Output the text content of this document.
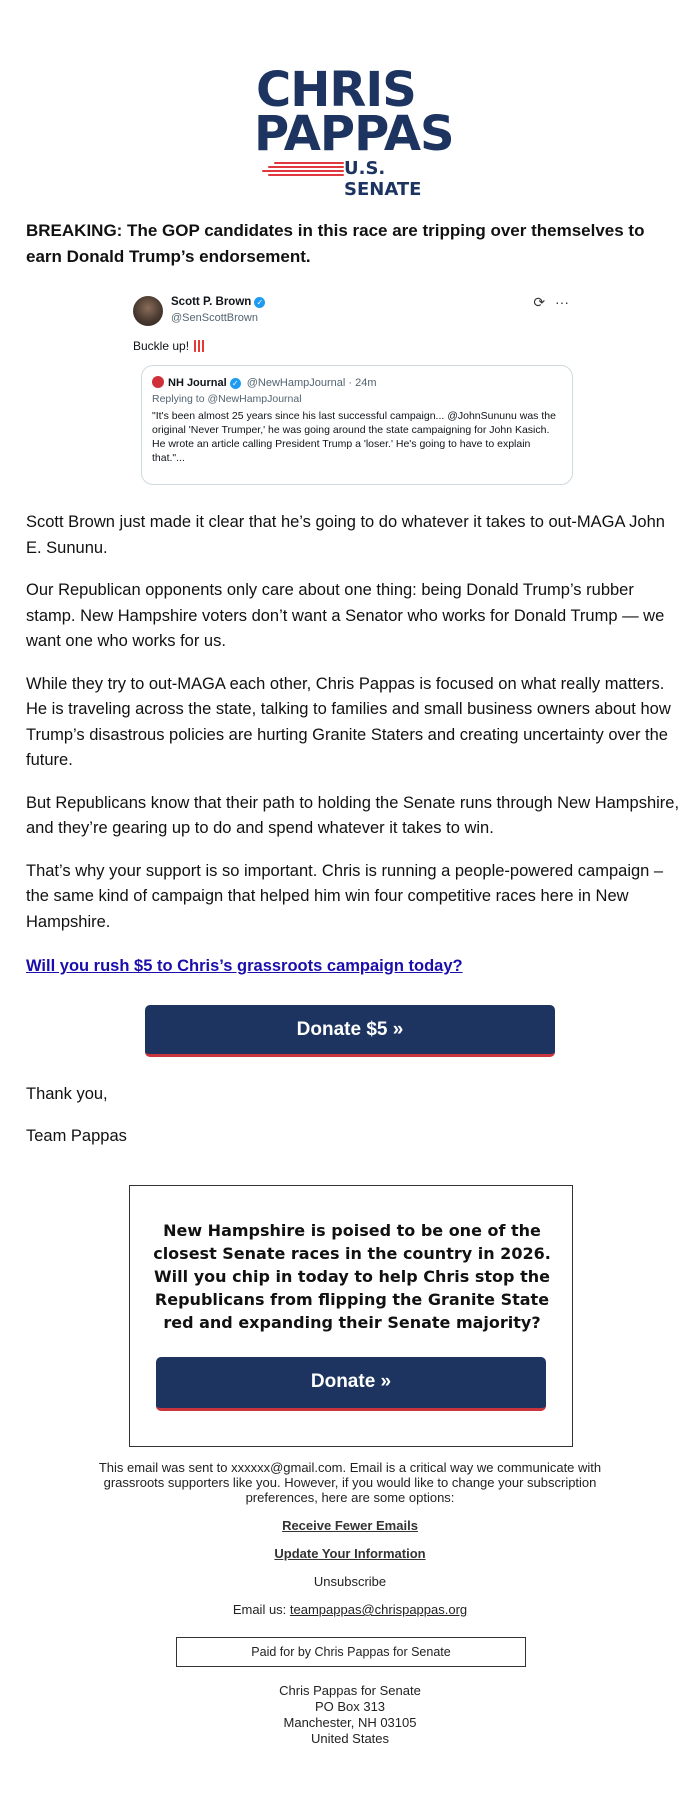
CHRIS
PAPPAS
U.S. SENATE
BREAKING: The GOP candidates in this race are tripping over themselves to earn Donald Trump’s endorsement.
Scott P. Brown ✓
@SenScottBrown
⟳ ···
Buckle up!
NH Journal ✓ @NewHampJournal · 24m
Replying to @NewHampJournal
"It's been almost 25 years since his last successful campaign... @JohnSununu was the original 'Never Trumper,' he was going around the state campaigning for John Kasich. He wrote an article calling President Trump a 'loser.' He's going to have to explain that."...

Scott Brown just made it clear that he’s going to do whatever it takes to out-MAGA John E. Sununu.

Our Republican opponents only care about one thing: being Donald Trump’s rubber stamp. New Hampshire voters don’t want a Senator who works for Donald Trump — we want one who works for us.

While they try to out-MAGA each other, Chris Pappas is focused on what really matters. He is traveling across the state, talking to families and small business owners about how Trump’s disastrous policies are hurting Granite Staters and creating uncertainty over the future.

But Republicans know that their path to holding the Senate runs through New Hampshire, and they’re gearing up to do and spend whatever it takes to win.

That’s why your support is so important. Chris is running a people-powered campaign – the same kind of campaign that helped him win four competitive races here in New Hampshire.

Will you rush $5 to Chris’s grassroots campaign today?
Donate $5 »
Thank you,
Team Pappas
New Hampshire is poised to be one of the closest Senate races in the country in 2026. Will you chip in today to help Chris stop the Republicans from flipping the Granite State red and expanding their Senate majority?
Donate »
This email was sent to xxxxxx@gmail.com. Email is a critical way we communicate with grassroots supporters like you. However, if you would like to change your subscription preferences, here are some options:
Receive Fewer Emails
Update Your Information
Unsubscribe
Email us: teampappas@chrispappas.org
Paid for by Chris Pappas for Senate
Chris Pappas for Senate
PO Box 313
Manchester, NH 03105
United States
